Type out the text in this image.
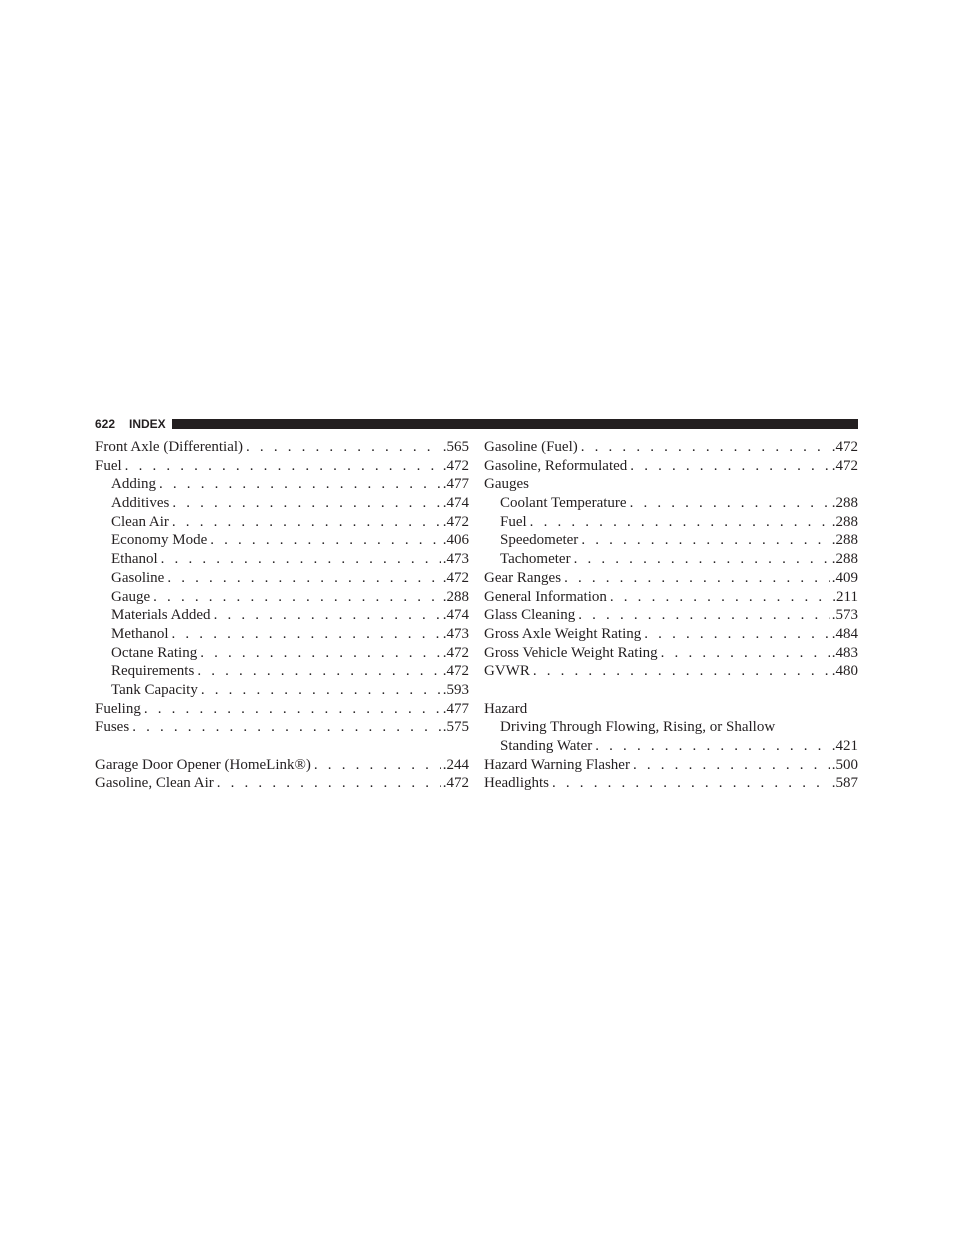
622 INDEX
Front Axle (Differential) . . .	.565
Fuel . . .	.472
Adding . . .	.477
Additives . . .	.474
Clean Air . . .	.472
Economy Mode . . .	.406
Ethanol . . .	.473
Gasoline . . .	.472
Gauge . . .	.288
Materials Added . . .	.474
Methanol . . .	.473
Octane Rating . . .	.472
Requirements . . .	.472
Tank Capacity . . .	.593
Fueling . . .	.477
Fuses . . .	.575
Garage Door Opener (HomeLink®) . . .	.244
Gasoline, Clean Air . . .	.472
Gasoline (Fuel) . . .	.472
Gasoline, Reformulated . . .	.472
Gauges
Coolant Temperature . . .	.288
Fuel . . .	.288
Speedometer . . .	.288
Tachometer . . .	.288
Gear Ranges . . .	.409
General Information . . .	.211
Glass Cleaning . . .	.573
Gross Axle Weight Rating . . .	.484
Gross Vehicle Weight Rating . . .	.483
GVWR . . .	.480
Hazard
Driving Through Flowing, Rising, or Shallow
Standing Water . . .	.421
Hazard Warning Flasher . . .	.500
Headlights . . .	.587
